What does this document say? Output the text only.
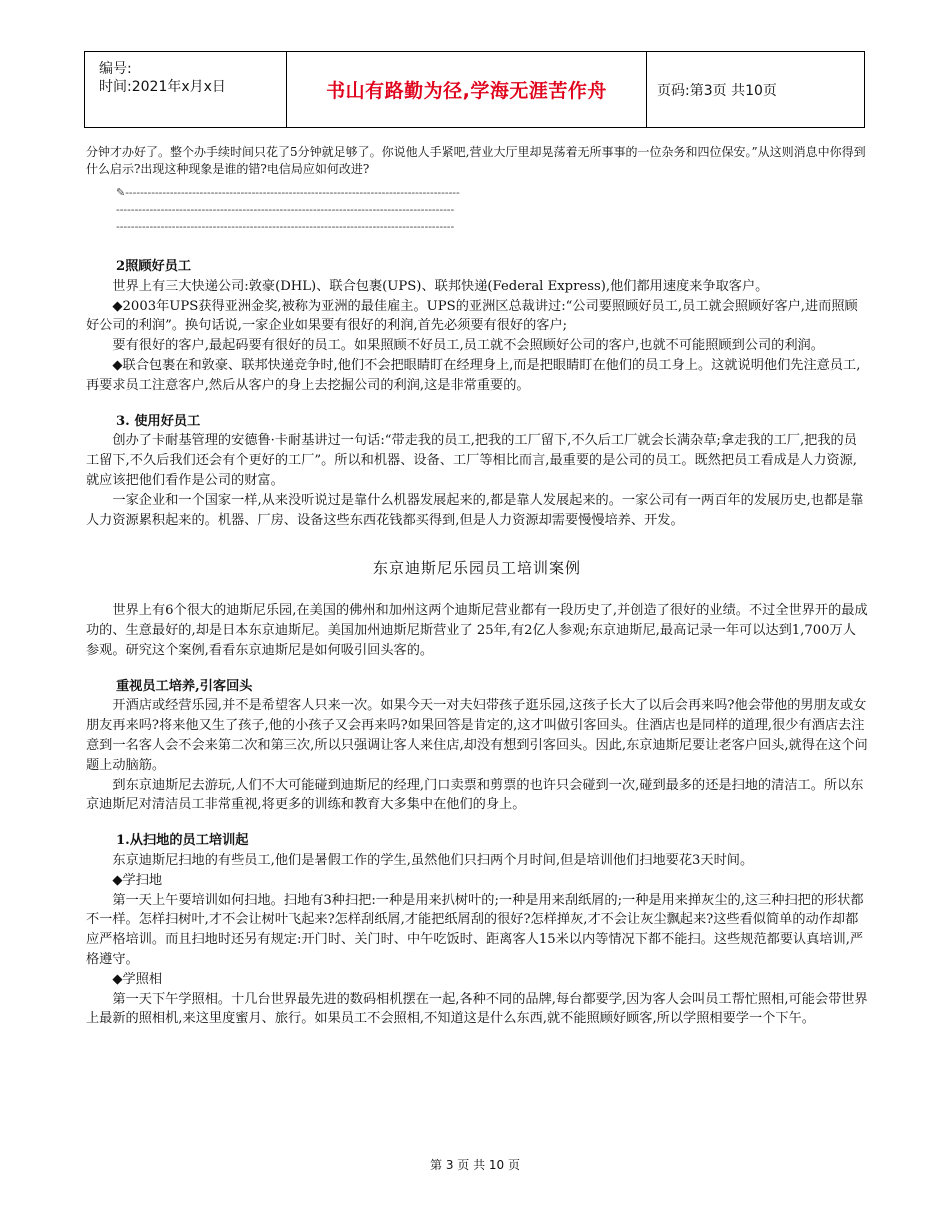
编号:
时间:2021年x月x日	书山有路勤为径,学海无涯苦作舟	页码:第3页 共10页

分钟才办好了。整个办手续时间只花了5分钟就足够了。你说他人手紧吧,营业大厅里却晃荡着无所事事的一位杂务和四位保安。”从这则消息中你得到什么启示?出现这种现象是谁的错?电信局应如何改进?

✎------------------------------------------------------------------------------------------

-------------------------------------------------------------------------------------------

-------------------------------------------------------------------------------------------

2照顾好员工

世界上有三大快递公司:敦豪(DHL)、联合包裹(UPS)、联邦快递(Federal Express),他们都用速度来争取客户。

◆2003年UPS获得亚洲金奖,被称为亚洲的最佳雇主。UPS的亚洲区总裁讲过:“公司要照顾好员工,员工就会照顾好客户,进而照顾好公司的利润”。换句话说,一家企业如果要有很好的利润,首先必须要有很好的客户;

要有很好的客户,最起码要有很好的员工。如果照顾不好员工,员工就不会照顾好公司的客户,也就不可能照顾到公司的利润。

◆联合包裹在和敦豪、联邦快递竞争时,他们不会把眼睛盯在经理身上,而是把眼睛盯在他们的员工身上。这就说明他们先注意员工,再要求员工注意客户,然后从客户的身上去挖掘公司的利润,这是非常重要的。

3. 使用好员工

创办了卡耐基管理的安德鲁·卡耐基讲过一句话:“带走我的员工,把我的工厂留下,不久后工厂就会长满杂草;拿走我的工厂,把我的员工留下,不久后我们还会有个更好的工厂”。所以和机器、设备、工厂等相比而言,最重要的是公司的员工。既然把员工看成是人力资源,就应该把他们看作是公司的财富。

一家企业和一个国家一样,从来没听说过是靠什么机器发展起来的,都是靠人发展起来的。一家公司有一两百年的发展历史,也都是靠人力资源累积起来的。机器、厂房、设备这些东西花钱都买得到,但是人力资源却需要慢慢培养、开发。

东京迪斯尼乐园员工培训案例

世界上有6个很大的迪斯尼乐园,在美国的佛州和加州这两个迪斯尼营业都有一段历史了,并创造了很好的业绩。不过全世界开的最成功的、生意最好的,却是日本东京迪斯尼。美国加州迪斯尼斯营业了 25年,有2亿人参观;东京迪斯尼,最高记录一年可以达到1,700万人参观。研究这个案例,看看东京迪斯尼是如何吸引回头客的。

重视员工培养,引客回头

开酒店或经营乐园,并不是希望客人只来一次。如果今天一对夫妇带孩子逛乐园,这孩子长大了以后会再来吗?他会带他的男朋友或女朋友再来吗?将来他又生了孩子,他的小孩子又会再来吗?如果回答是肯定的,这才叫做引客回头。住酒店也是同样的道理,很少有酒店去注意到一名客人会不会来第二次和第三次,所以只强调让客人来住店,却没有想到引客回头。因此,东京迪斯尼要让老客户回头,就得在这个问题上动脑筋。

到东京迪斯尼去游玩,人们不大可能碰到迪斯尼的经理,门口卖票和剪票的也许只会碰到一次,碰到最多的还是扫地的清洁工。所以东京迪斯尼对清洁员工非常重视,将更多的训练和教育大多集中在他们的身上。

1.从扫地的员工培训起

东京迪斯尼扫地的有些员工,他们是暑假工作的学生,虽然他们只扫两个月时间,但是培训他们扫地要花3天时间。

◆学扫地

第一天上午要培训如何扫地。扫地有3种扫把:一种是用来扒树叶的;一种是用来刮纸屑的;一种是用来掸灰尘的,这三种扫把的形状都不一样。怎样扫树叶,才不会让树叶飞起来?怎样刮纸屑,才能把纸屑刮的很好?怎样掸灰,才不会让灰尘飘起来?这些看似简单的动作却都应严格培训。而且扫地时还另有规定:开门时、关门时、中午吃饭时、距离客人15米以内等情况下都不能扫。这些规范都要认真培训,严格遵守。

◆学照相

第一天下午学照相。十几台世界最先进的数码相机摆在一起,各种不同的品牌,每台都要学,因为客人会叫员工帮忙照相,可能会带世界上最新的照相机,来这里度蜜月、旅行。如果员工不会照相,不知道这是什么东西,就不能照顾好顾客,所以学照相要学一个下午。

第 3 页 共 10 页
